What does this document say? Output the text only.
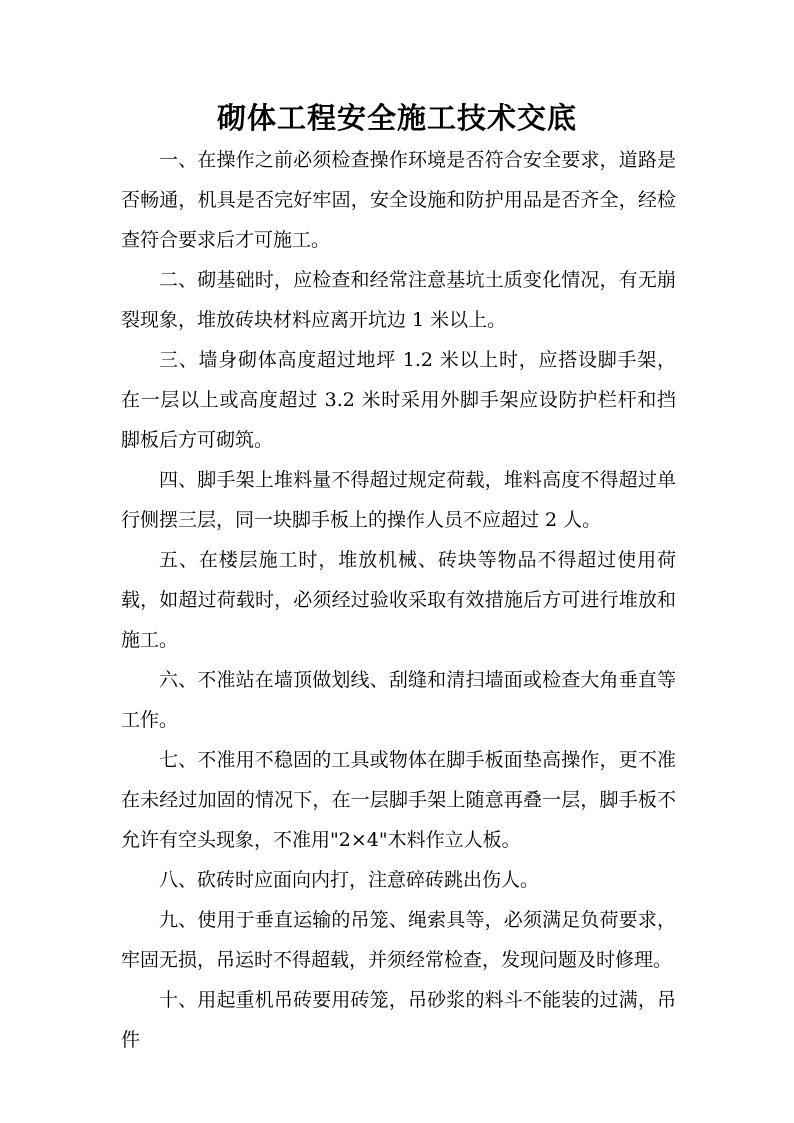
砌体工程安全施工技术交底

一、在操作之前必须检查操作环境是否符合安全要求，道路是否畅通，机具是否完好牢固，安全设施和防护用品是否齐全，经检查符合要求后才可施工。

二、砌基础时，应检查和经常注意基坑土质变化情况，有无崩裂现象，堆放砖块材料应离开坑边 1 米以上。

三、墙身砌体高度超过地坪 1.2 米以上时，应搭设脚手架，在一层以上或高度超过 3.2 米时采用外脚手架应设防护栏杆和挡脚板后方可砌筑。

四、脚手架上堆料量不得超过规定荷载，堆料高度不得超过单行侧摆三层，同一块脚手板上的操作人员不应超过 2 人。

五、在楼层施工时，堆放机械、砖块等物品不得超过使用荷载，如超过荷载时，必须经过验收采取有效措施后方可进行堆放和施工。

六、不准站在墙顶做划线、刮缝和清扫墙面或检查大角垂直等工作。

七、不准用不稳固的工具或物体在脚手板面垫高操作，更不准在未经过加固的情况下，在一层脚手架上随意再叠一层，脚手板不允许有空头现象，不准用"2×4"木料作立人板。

八、砍砖时应面向内打，注意碎砖跳出伤人。

九、使用于垂直运输的吊笼、绳索具等，必须满足负荷要求，牢固无损，吊运时不得超载，并须经常检查，发现问题及时修理。

十、用起重机吊砖要用砖笼，吊砂浆的料斗不能装的过满，吊件
